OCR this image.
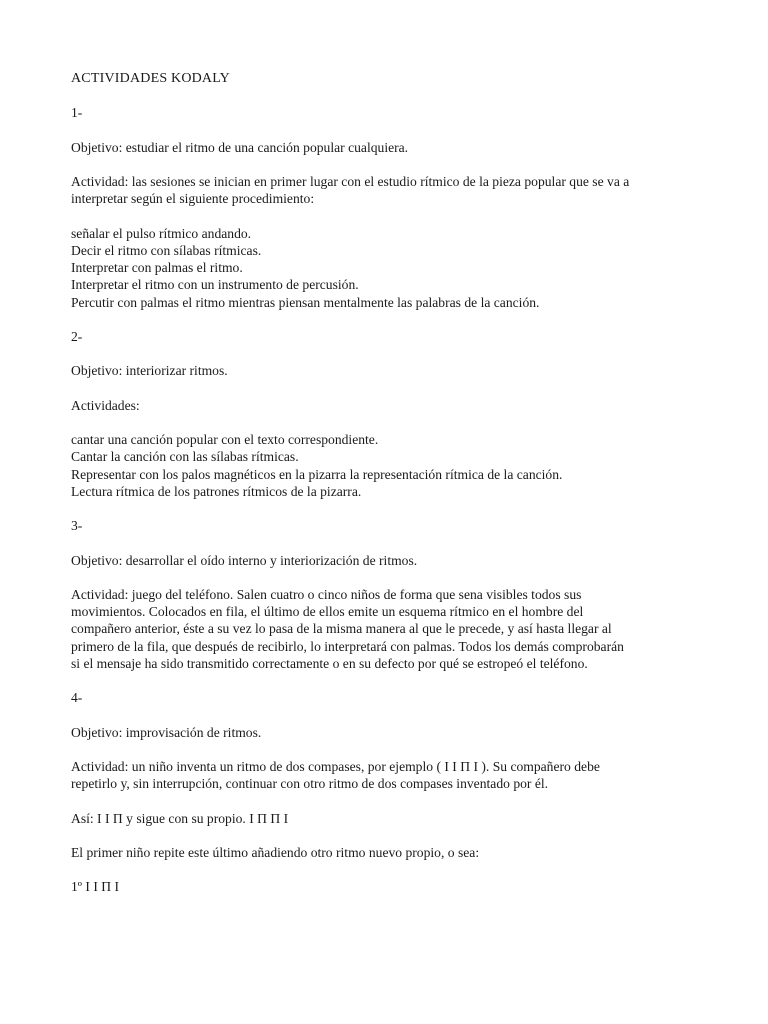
ACTIVIDADES KODALY

1-

Objetivo: estudiar el ritmo de una canción popular cualquiera.

Actividad: las sesiones se inician en primer lugar con el estudio rítmico de la pieza popular que se va a
interpretar según el siguiente procedimiento:

señalar el pulso rítmico andando.
Decir el ritmo con sílabas rítmicas.
Interpretar con palmas el ritmo.
Interpretar el ritmo con un instrumento de percusión.
Percutir con palmas el ritmo mientras piensan mentalmente las palabras de la canción.

2-

Objetivo: interiorizar ritmos.

Actividades:

cantar una canción popular con el texto correspondiente.
Cantar la canción con las sílabas rítmicas.
Representar con los palos magnéticos en la pizarra la representación rítmica de la canción.
Lectura rítmica de los patrones rítmicos de la pizarra.

3-

Objetivo: desarrollar el oído interno y interiorización de ritmos.

Actividad: juego del teléfono. Salen cuatro o cinco niños de forma que sena visibles todos sus
movimientos. Colocados en fila, el último de ellos emite un esquema rítmico en el hombre del
compañero anterior, éste a su vez lo pasa de la misma manera al que le precede, y así hasta llegar al
primero de la fila, que después de recibirlo, lo interpretará con palmas. Todos los demás comprobarán
si el mensaje ha sido transmitido correctamente o en su defecto por qué se estropeó el teléfono.

4-

Objetivo: improvisación de ritmos.

Actividad: un niño inventa un ritmo de dos compases, por ejemplo ( I I Π I ). Su compañero debe
repetirlo y, sin interrupción, continuar con otro ritmo de dos compases inventado por él.

Así: I I Π y sigue con su propio. I Π Π I

El primer niño repite este último añadiendo otro ritmo nuevo propio, o sea:

1º I I Π I
